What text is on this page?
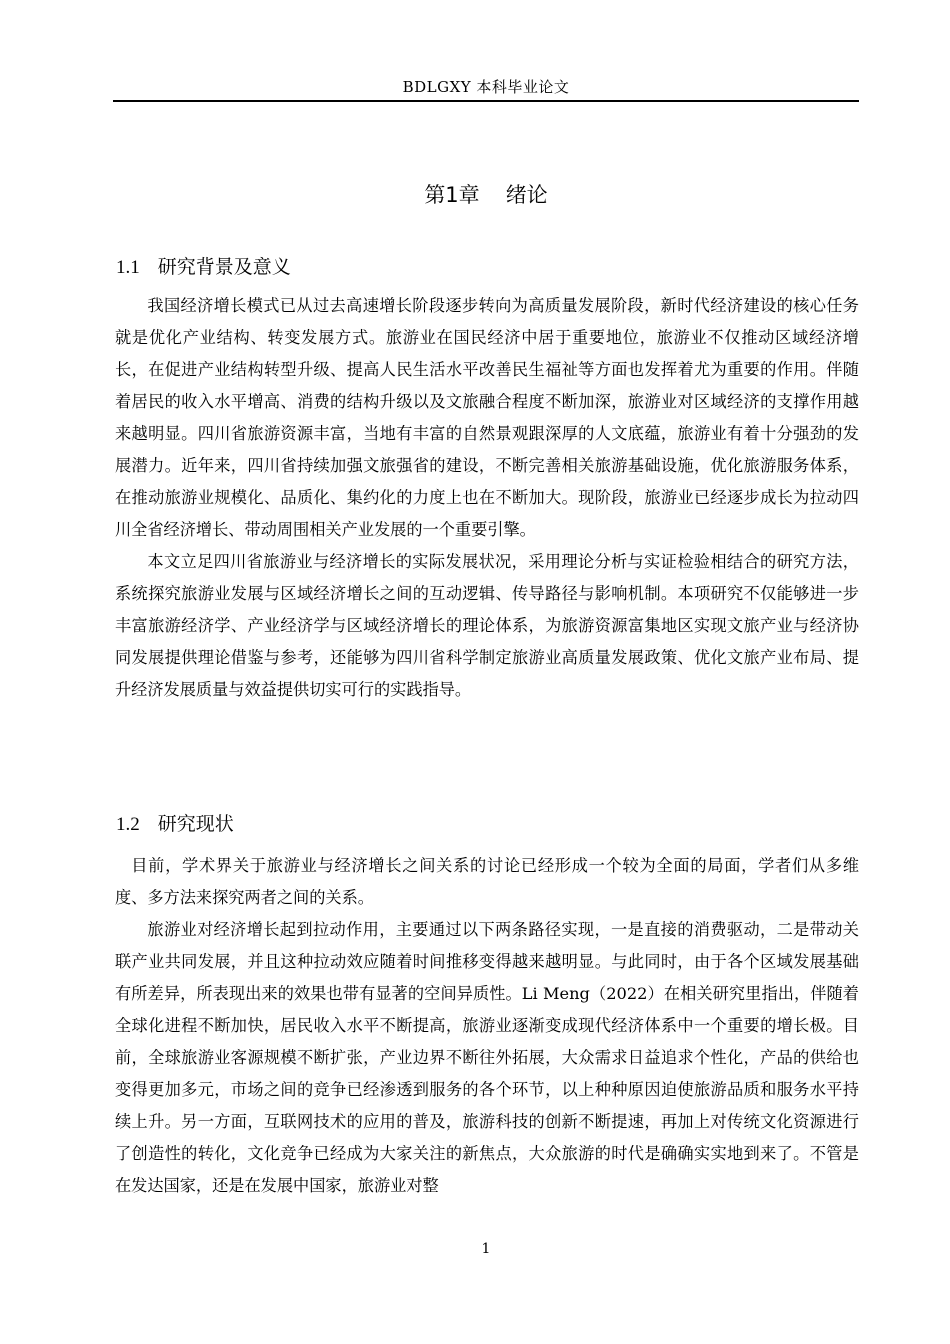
BDLGXY 本科毕业论文
第1章 绪论
1.1 研究背景及意义

我国经济增长模式已从过去高速增长阶段逐步转向为高质量发展阶段，新时代经济建设的核心任务就是优化产业结构、转变发展方式。旅游业在国民经济中居于重要地位，旅游业不仅推动区域经济增长，在促进产业结构转型升级、提高人民生活水平改善民生福祉等方面也发挥着尤为重要的作用。伴随着居民的收入水平增高、消费的结构升级以及文旅融合程度不断加深，旅游业对区域经济的支撑作用越来越明显。四川省旅游资源丰富，当地有丰富的自然景观跟深厚的人文底蕴，旅游业有着十分强劲的发展潜力。近年来，四川省持续加强文旅强省的建设，不断完善相关旅游基础设施，优化旅游服务体系，在推动旅游业规模化、品质化、集约化的力度上也在不断加大。现阶段，旅游业已经逐步成长为拉动四川全省经济增长、带动周围相关产业发展的一个重要引擎。

本文立足四川省旅游业与经济增长的实际发展状况，采用理论分析与实证检验相结合的研究方法，系统探究旅游业发展与区域经济增长之间的互动逻辑、传导路径与影响机制。本项研究不仅能够进一步丰富旅游经济学、产业经济学与区域经济增长的理论体系，为旅游资源富集地区实现文旅产业与经济协同发展提供理论借鉴与参考，还能够为四川省科学制定旅游业高质量发展政策、优化文旅产业布局、提升经济发展质量与效益提供切实可行的实践指导。

1.2 研究现状

目前，学术界关于旅游业与经济增长之间关系的讨论已经形成一个较为全面的局面，学者们从多维度、多方法来探究两者之间的关系。

旅游业对经济增长起到拉动作用，主要通过以下两条路径实现，一是直接的消费驱动，二是带动关联产业共同发展，并且这种拉动效应随着时间推移变得越来越明显。与此同时，由于各个区域发展基础有所差异，所表现出来的效果也带有显著的空间异质性。Li Meng（2022）在相关研究里指出，伴随着全球化进程不断加快，居民收入水平不断提高，旅游业逐渐变成现代经济体系中一个重要的增长极。目前，全球旅游业客源规模不断扩张，产业边界不断往外拓展，大众需求日益追求个性化，产品的供给也变得更加多元，市场之间的竞争已经渗透到服务的各个环节，以上种种原因迫使旅游品质和服务水平持续上升。另一方面，互联网技术的应用的普及，旅游科技的创新不断提速，再加上对传统文化资源进行了创造性的转化，文化竞争已经成为大家关注的新焦点，大众旅游的时代是确确实实地到来了。不管是在发达国家，还是在发展中国家，旅游业对整

1
